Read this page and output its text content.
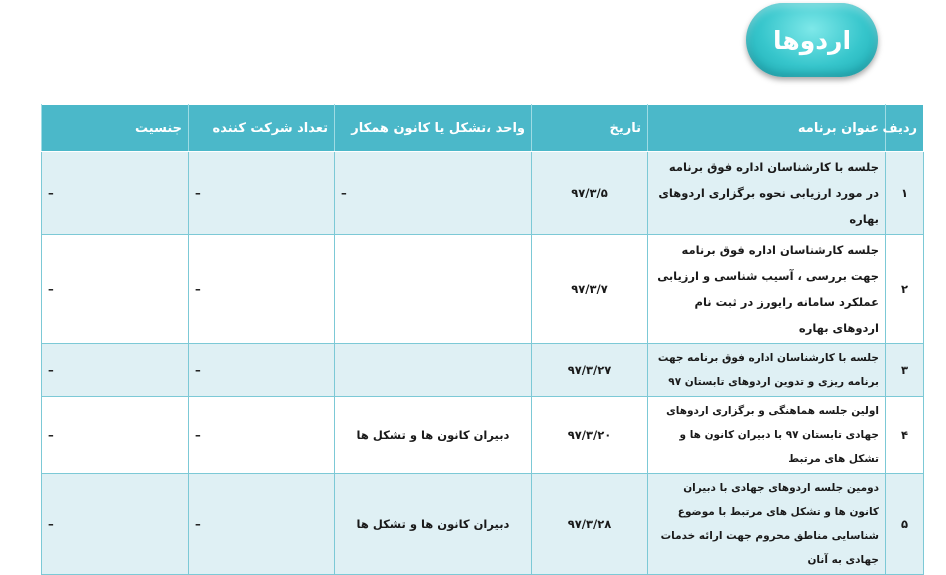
اردوها
ردیف	عنوان برنامه	تاریخ	واحد ،تشکل یا کانون همکار	تعداد شرکت کننده	جنسیت
۱	جلسه با کارشناسان اداره فوق برنامه در مورد ارزیابی نحوه برگزاری اردوهای بهاره	۹۷/۳/۵	–	–	–
۲	جلسه کارشناسان اداره فوق برنامه جهت بررسی ، آسیب شناسی و ارزیابی عملکرد سامانه رایورز در ثبت نام اردوهای بهاره	۹۷/۳/۷		–	–
۳	جلسه با کارشناسان اداره فوق برنامه جهت برنامه ریزی و تدوین اردوهای تابستان ۹۷	۹۷/۳/۲۷		–	–
۴	اولین جلسه هماهنگی و برگزاری اردوهای جهادی تابستان ۹۷ با دبیران کانون ها و تشکل های مرتبط	۹۷/۳/۲۰	دبیران کانون ها و تشکل ها	–	–
۵	دومین جلسه اردوهای جهادی با دبیران کانون ها و تشکل های مرتبط با موضوع شناسایی مناطق محروم جهت ارائه خدمات جهادی به آنان	۹۷/۳/۲۸	دبیران کانون ها و تشکل ها	–	–
